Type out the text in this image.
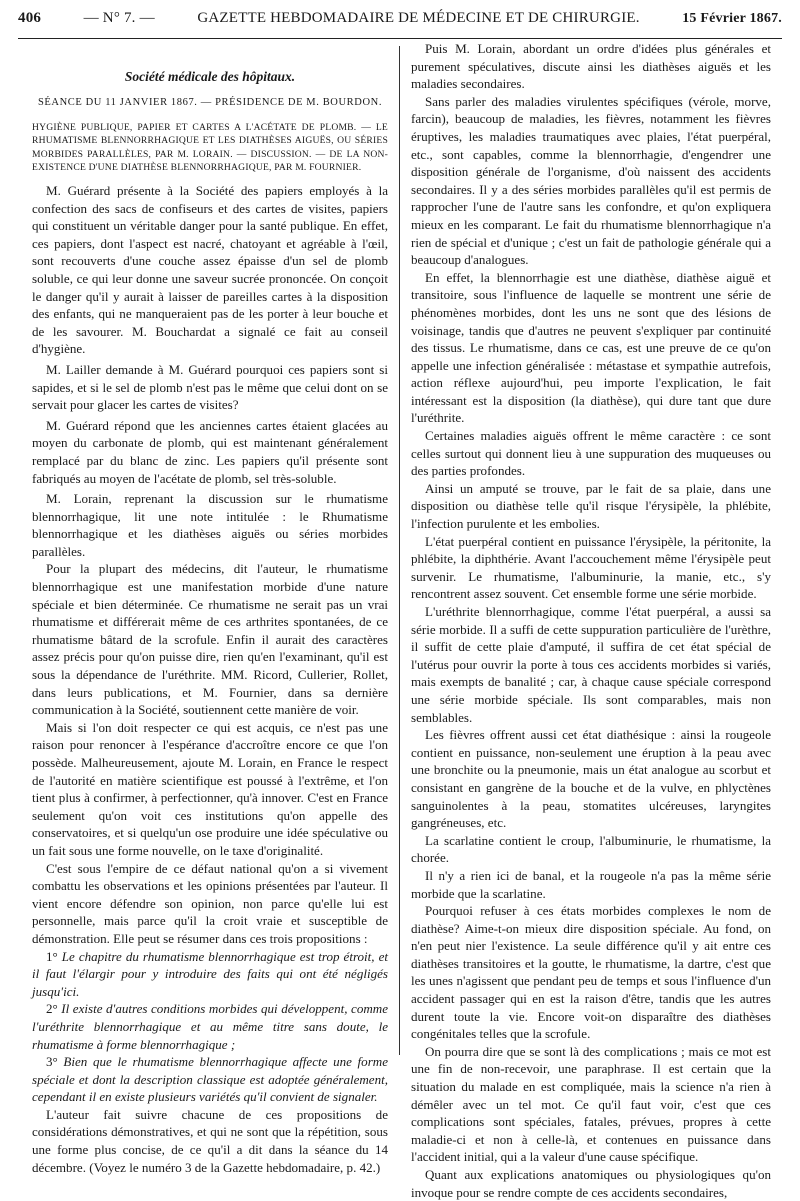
406	— N° 7. —	GAZETTE HEBDOMADAIRE DE MÉDECINE ET DE CHIRURGIE.	15 Février 1867.
Société médicale des hôpitaux.
SÉANCE DU 11 JANVIER 1867. — PRÉSIDENCE DE M. BOURDON.
HYGIÈNE PUBLIQUE, PAPIER ET CARTES A L'ACÉTATE DE PLOMB. — LE RHUMATISME BLENNORRHAGIQUE ET LES DIATHÈSES AIGUËS, OU SÉRIES MORBIDES PARALLÈLES, PAR M. LORAIN. — DISCUSSION. — DE LA NON-EXISTENCE D'UNE DIATHÈSE BLENNORRHAGIQUE, PAR M. FOURNIER.

M. Guérard présente à la Société des papiers employés à la confection des sacs de confiseurs et des cartes de visites, papiers qui constituent un véritable danger pour la santé publique. En effet, ces papiers, dont l'aspect est nacré, chatoyant et agréable à l'œil, sont recouverts d'une couche assez épaisse d'un sel de plomb soluble, ce qui leur donne une saveur sucrée prononcée. On conçoit le danger qu'il y aurait à laisser de pareilles cartes à la disposition des enfants, qui ne manqueraient pas de les porter à leur bouche et de les savourer. M. Bouchardat a signalé ce fait au conseil d'hygiène.

M. Lailler demande à M. Guérard pourquoi ces papiers sont si sapides, et si le sel de plomb n'est pas le même que celui dont on se servait pour glacer les cartes de visites?

M. Guérard répond que les anciennes cartes étaient glacées au moyen du carbonate de plomb, qui est maintenant généralement remplacé par du blanc de zinc. Les papiers qu'il présente sont fabriqués au moyen de l'acétate de plomb, sel très-soluble.

M. Lorain, reprenant la discussion sur le rhumatisme blennorrhagique, lit une note intitulée : le Rhumatisme blennorrhagique et les diathèses aiguës ou séries morbides parallèles.

Pour la plupart des médecins, dit l'auteur, le rhumatisme blennorrhagique est une manifestation morbide d'une nature spéciale et bien déterminée. Ce rhumatisme ne serait pas un vrai rhumatisme et différerait même de ces arthrites spontanées, de ce rhumatisme bâtard de la scrofule. Enfin il aurait des caractères assez précis pour qu'on puisse dire, rien qu'en l'examinant, qu'il est sous la dépendance de l'uréthrite. MM. Ricord, Cullerier, Rollet, dans leurs publications, et M. Fournier, dans sa dernière communication à la Société, soutiennent cette manière de voir.

Mais si l'on doit respecter ce qui est acquis, ce n'est pas une raison pour renoncer à l'espérance d'accroître encore ce que l'on possède. Malheureusement, ajoute M. Lorain, en France le respect de l'autorité en matière scientifique est poussé à l'extrême, et l'on tient plus à confirmer, à perfectionner, qu'à innover. C'est en France seulement qu'on voit ces institutions qu'on appelle des conservatoires, et si quelqu'un ose produire une idée spéculative ou un fait sous une forme nouvelle, on le taxe d'originalité.

C'est sous l'empire de ce défaut national qu'on a si vivement combattu les observations et les opinions présentées par l'auteur. Il vient encore défendre son opinion, non parce qu'elle lui est personnelle, mais parce qu'il la croit vraie et susceptible de démonstration. Elle peut se résumer dans ces trois propositions :

1° Le chapitre du rhumatisme blennorrhagique est trop étroit, et il faut l'élargir pour y introduire des faits qui ont été négligés jusqu'ici.

2° Il existe d'autres conditions morbides qui développent, comme l'uréthrite blennorrhagique et au même titre sans doute, le rhumatisme à forme blennorrhagique ;

3° Bien que le rhumatisme blennorrhagique affecte une forme spéciale et dont la description classique est adoptée généralement, cependant il en existe plusieurs variétés qu'il convient de signaler.

L'auteur fait suivre chacune de ces propositions de considérations démonstratives, et qui ne sont que la répétition, sous une forme plus concise, de ce qu'il a dit dans la séance du 14 décembre. (Voyez le numéro 3 de la Gazette hebdomadaire, p. 42.)

Puis M. Lorain, abordant un ordre d'idées plus générales et purement spéculatives, discute ainsi les diathèses aiguës et les maladies secondaires.

Sans parler des maladies virulentes spécifiques (vérole, morve, farcin), beaucoup de maladies, les fièvres, notamment les fièvres éruptives, les maladies traumatiques avec plaies, l'état puerpéral, etc., sont capables, comme la blennorrhagie, d'engendrer une disposition générale de l'organisme, d'où naissent des accidents secondaires. Il y a des séries morbides parallèles qu'il est permis de rapprocher l'une de l'autre sans les confondre, et qu'on expliquera mieux en les comparant. Le fait du rhumatisme blennorrhagique n'a rien de spécial et d'unique ; c'est un fait de pathologie générale qui a beaucoup d'analogues.

En effet, la blennorrhagie est une diathèse, diathèse aiguë et transitoire, sous l'influence de laquelle se montrent une série de phénomènes morbides, dont les uns ne sont que des lésions de voisinage, tandis que d'autres ne peuvent s'expliquer par continuité des tissus. Le rhumatisme, dans ce cas, est une preuve de ce qu'on appelle une infection généralisée : métastase et sympathie autrefois, action réflexe aujourd'hui, peu importe l'explication, le fait intéressant est la disposition (la diathèse), qui dure tant que dure l'uréthrite.

Certaines maladies aiguës offrent le même caractère : ce sont celles surtout qui donnent lieu à une suppuration des muqueuses ou des parties profondes.

Ainsi un amputé se trouve, par le fait de sa plaie, dans une disposition ou diathèse telle qu'il risque l'érysipèle, la phlébite, l'infection purulente et les embolies.

L'état puerpéral contient en puissance l'érysipèle, la péritonite, la phlébite, la diphthérie. Avant l'accouchement même l'érysipèle peut survenir. Le rhumatisme, l'albuminurie, la manie, etc., s'y rencontrent assez souvent. Cet ensemble forme une série morbide.

L'uréthrite blennorrhagique, comme l'état puerpéral, a aussi sa série morbide. Il a suffi de cette suppuration particulière de l'urèthre, il suffit de cette plaie d'amputé, il suffira de cet état spécial de l'utérus pour ouvrir la porte à tous ces accidents morbides si variés, mais exempts de banalité ; car, à chaque cause spéciale correspond une série morbide spéciale. Ils sont comparables, mais non semblables.

Les fièvres offrent aussi cet état diathésique : ainsi la rougeole contient en puissance, non-seulement une éruption à la peau avec une bronchite ou la pneumonie, mais un état analogue au scorbut et consistant en gangrène de la bouche et de la vulve, en phlyctènes sanguinolentes à la peau, stomatites ulcéreuses, laryngites gangréneuses, etc.

La scarlatine contient le croup, l'albuminurie, le rhumatisme, la chorée.

Il n'y a rien ici de banal, et la rougeole n'a pas la même série morbide que la scarlatine.

Pourquoi refuser à ces états morbides complexes le nom de diathèse? Aime-t-on mieux dire disposition spéciale. Au fond, on n'en peut nier l'existence. La seule différence qu'il y ait entre ces diathèses transitoires et la goutte, le rhumatisme, la dartre, c'est que les unes n'agissent que pendant peu de temps et sous l'influence d'un accident passager qui en est la raison d'être, tandis que les autres durent toute la vie. Encore voit-on disparaître des diathèses congénitales telles que la scrofule.

On pourra dire que se sont là des complications ; mais ce mot est une fin de non-recevoir, une paraphrase. Il est certain que la situation du malade en est compliquée, mais la science n'a rien à démêler avec un tel mot. Ce qu'il faut voir, c'est que ces complications sont spéciales, fatales, prévues, propres à cette maladie-ci et non à celle-là, et contenues en puissance dans l'accident initial, qui a la valeur d'une cause spécifique.

Quant aux explications anatomiques ou physiologiques qu'on invoque pour se rendre compte de ces accidents secondaires,
